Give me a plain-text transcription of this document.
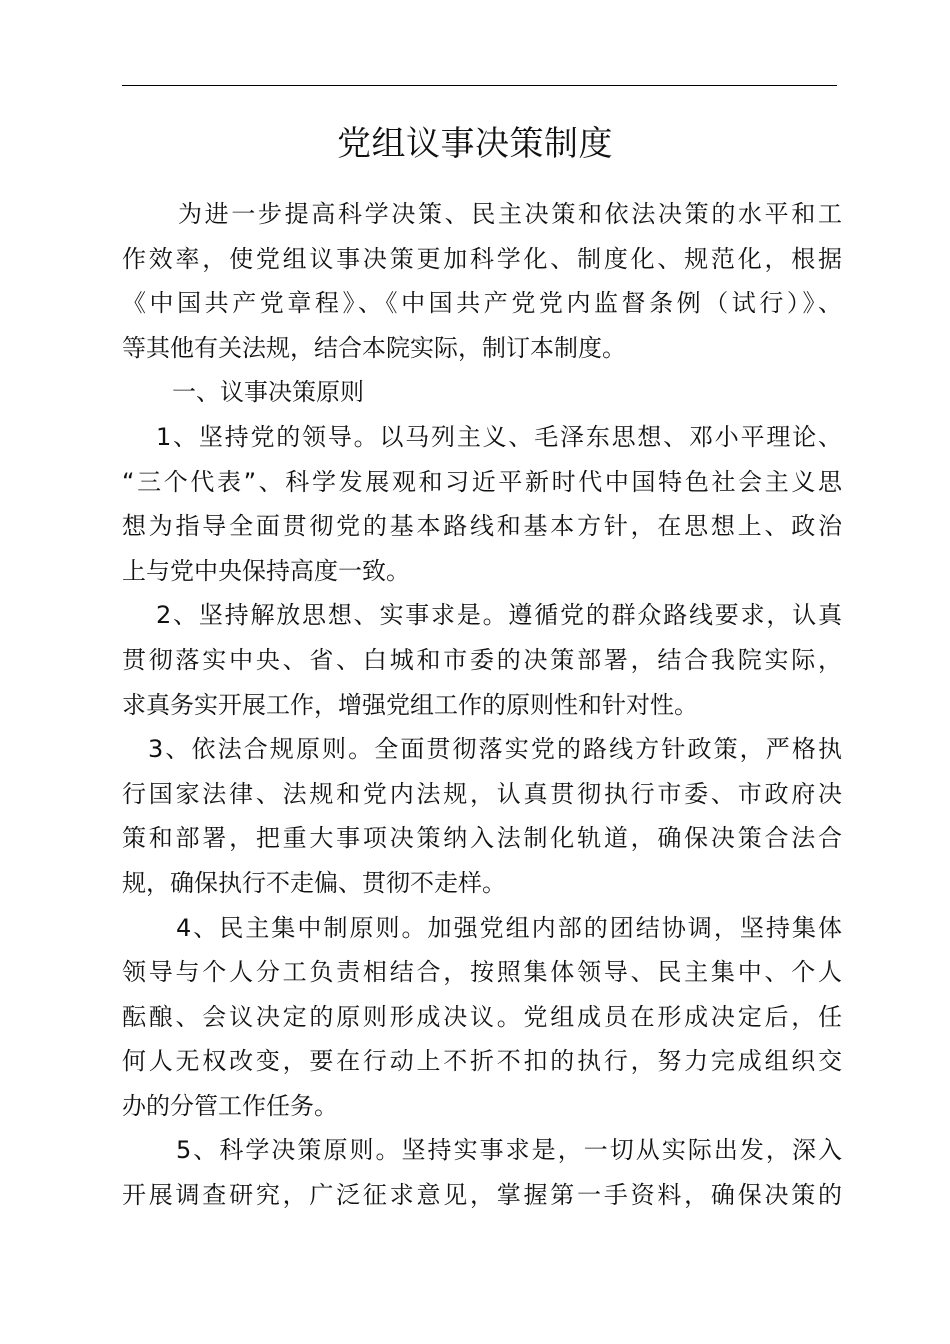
党组议事决策制度
为进一步提高科学决策、民主决策和依法决策的水平和工
作效率，使党组议事决策更加科学化、制度化、规范化，根据
《中国共产党章程》、《中国共产党党内监督条例（试行）》、
等其他有关法规，结合本院实际，制订本制度。
一、议事决策原则
1、坚持党的领导。以马列主义、毛泽东思想、邓小平理论、
“三个代表”、科学发展观和习近平新时代中国特色社会主义思
想为指导全面贯彻党的基本路线和基本方针，在思想上、政治
上与党中央保持高度一致。
2、坚持解放思想、实事求是。遵循党的群众路线要求，认真
贯彻落实中央、省、白城和市委的决策部署，结合我院实际，
求真务实开展工作，增强党组工作的原则性和针对性。
3、依法合规原则。全面贯彻落实党的路线方针政策，严格执
行国家法律、法规和党内法规，认真贯彻执行市委、市政府决
策和部署，把重大事项决策纳入法制化轨道，确保决策合法合
规，确保执行不走偏、贯彻不走样。
4、民主集中制原则。加强党组内部的团结协调，坚持集体
领导与个人分工负责相结合，按照集体领导、民主集中、个人
酝酿、会议决定的原则形成决议。党组成员在形成决定后，任
何人无权改变，要在行动上不折不扣的执行，努力完成组织交
办的分管工作任务。
5、科学决策原则。坚持实事求是，一切从实际出发，深入
开展调查研究，广泛征求意见，掌握第一手资料，确保决策的
